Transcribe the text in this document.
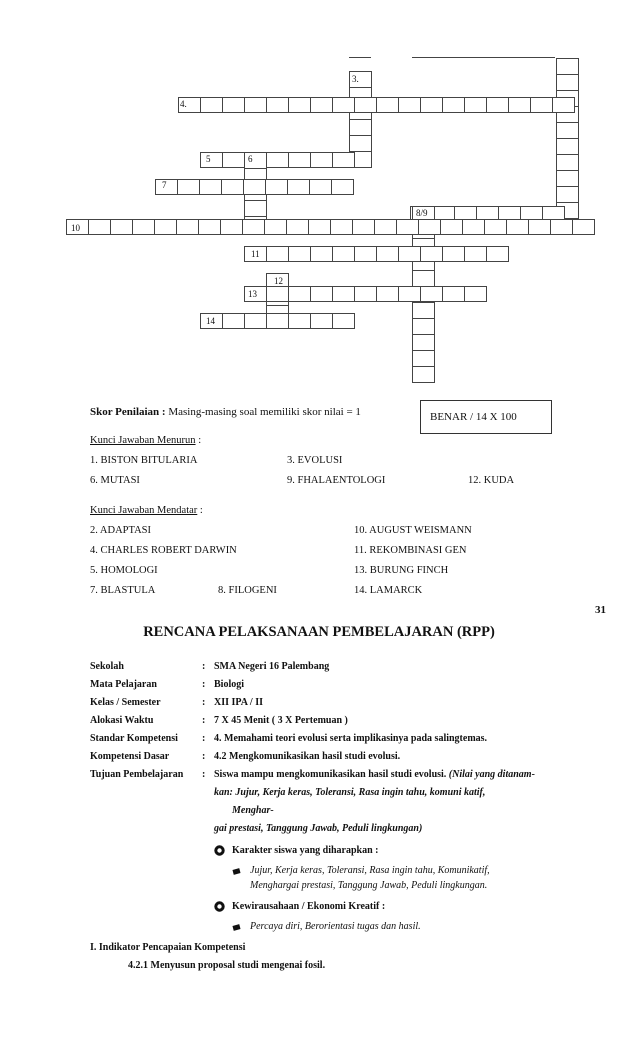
3.
4.
5	6
7
8/9
10
11
12
13
14
Skor Penilaian : Masing-masing soal memiliki skor nilai = 1	BENAR / 14 X 100
Kunci Jawaban Menurun :
1. BISTON BITULARIA	3. EVOLUSI
6. MUTASI	9. FHALAENTOLOGI	12. KUDA
Kunci Jawaban Mendatar :
2. ADAPTASI	10. AUGUST WEISMANN
4. CHARLES ROBERT DARWIN	11. REKOMBINASI GEN
5. HOMOLOGI	13. BURUNG FINCH
7. BLASTULA	8. FILOGENI	14. LAMARCK
31
RENCANA PELAKSANAAN PEMBELAJARAN (RPP)
Sekolah	: SMA Negeri 16 Palembang
Mata Pelajaran	: Biologi
Kelas / Semester	: XII IPA / II
Alokasi Waktu	: 7 X 45 Menit ( 3 X Pertemuan )
Standar Kompetensi : 4. Memahami teori evolusi serta implikasinya pada salingtemas.
Kompetensi Dasar	: 4.2 Mengkomunikasikan hasil studi evolusi.
Tujuan Pembelajaran : Siswa mampu mengkomunikasikan hasil studi evolusi. (Nilai yang ditanam-
kan: Jujur, Kerja keras, Toleransi, Rasa ingin tahu, komuni katif,
Menghar-
gai prestasi, Tanggung Jawab, Peduli lingkungan)
Karakter siswa yang diharapkan :
Jujur, Kerja keras, Toleransi, Rasa ingin tahu, Komunikatif,
Menghargai prestasi, Tanggung Jawab, Peduli lingkungan.
Kewirausahaan / Ekonomi Kreatif :
Percaya diri, Berorientasi tugas dan hasil.
I. Indikator Pencapaian Kompetensi
4.2.1 Menyusun proposal studi mengenai fosil.
